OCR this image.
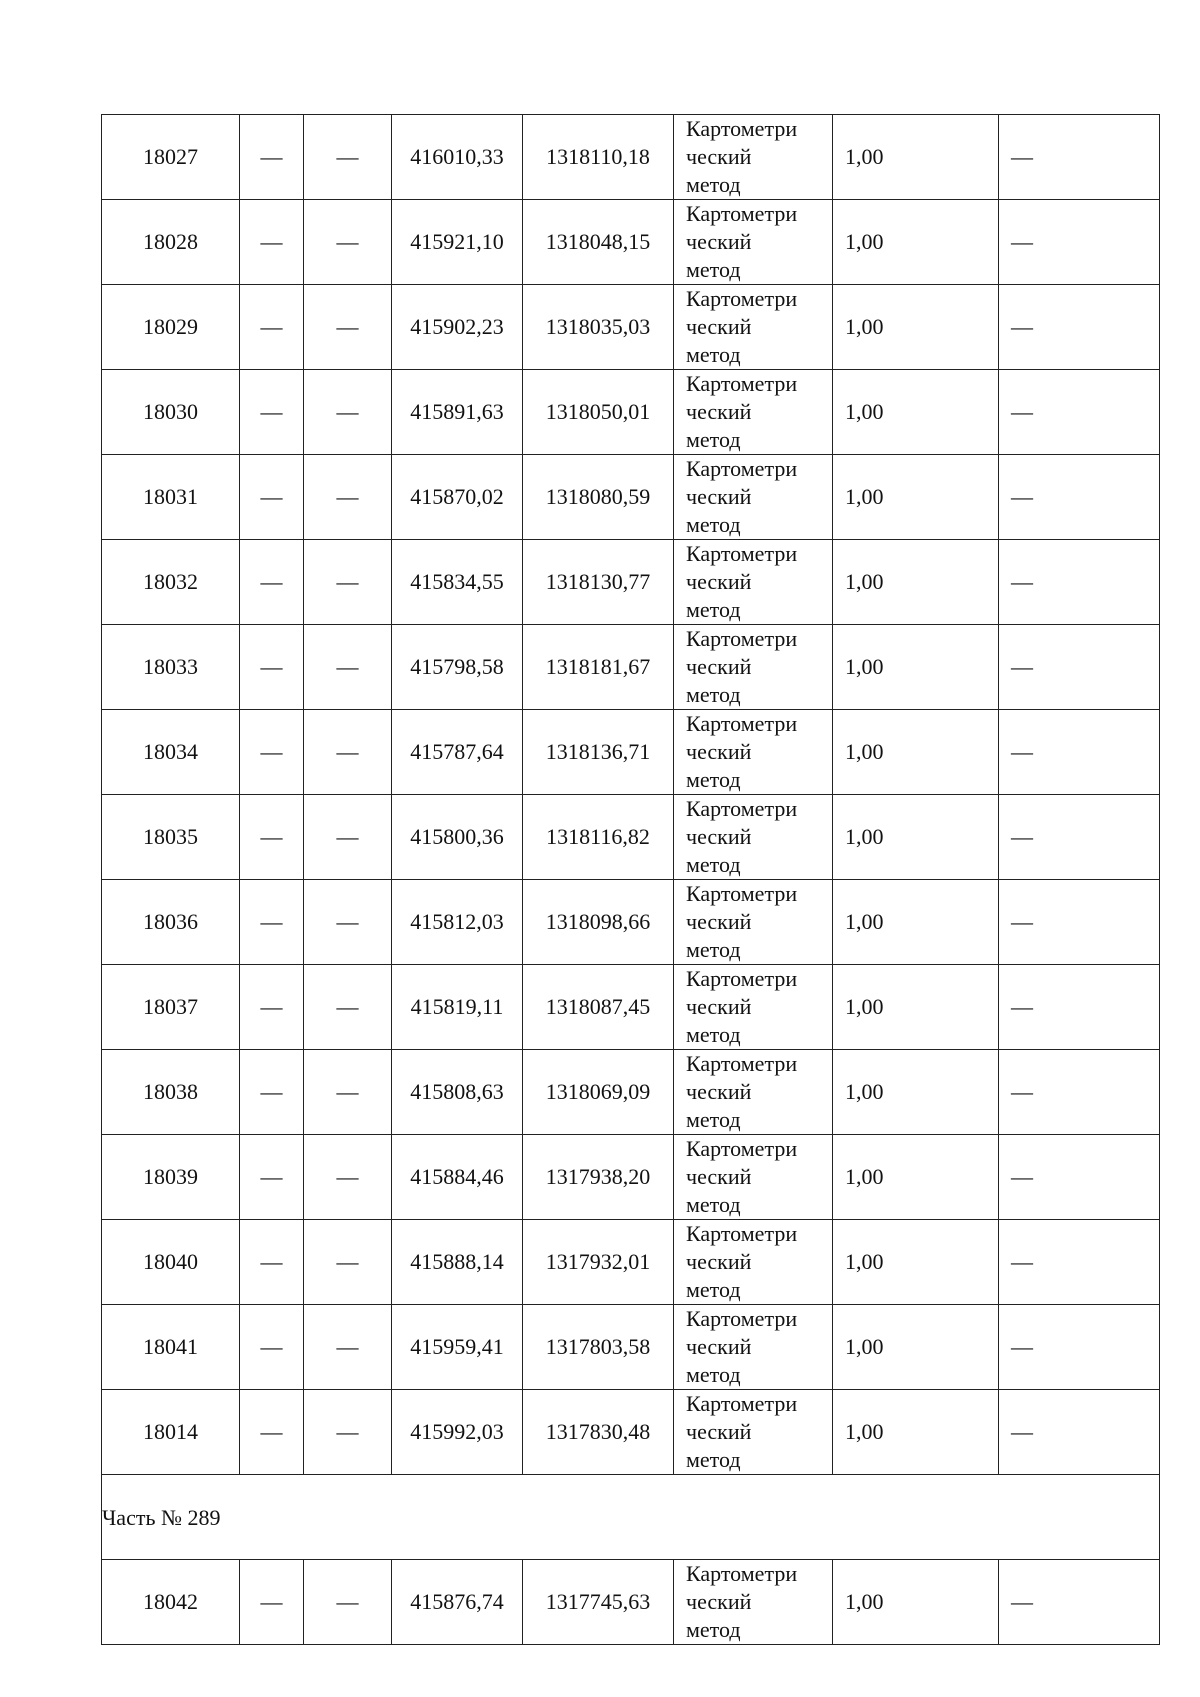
18027	—	—	416010,33	1318110,18	Картометри
ческий
метод	1,00	—
18028	—	—	415921,10	1318048,15	Картометри
ческий
метод	1,00	—
18029	—	—	415902,23	1318035,03	Картометри
ческий
метод	1,00	—
18030	—	—	415891,63	1318050,01	Картометри
ческий
метод	1,00	—
18031	—	—	415870,02	1318080,59	Картометри
ческий
метод	1,00	—
18032	—	—	415834,55	1318130,77	Картометри
ческий
метод	1,00	—
18033	—	—	415798,58	1318181,67	Картометри
ческий
метод	1,00	—
18034	—	—	415787,64	1318136,71	Картометри
ческий
метод	1,00	—
18035	—	—	415800,36	1318116,82	Картометри
ческий
метод	1,00	—
18036	—	—	415812,03	1318098,66	Картометри
ческий
метод	1,00	—
18037	—	—	415819,11	1318087,45	Картометри
ческий
метод	1,00	—
18038	—	—	415808,63	1318069,09	Картометри
ческий
метод	1,00	—
18039	—	—	415884,46	1317938,20	Картометри
ческий
метод	1,00	—
18040	—	—	415888,14	1317932,01	Картометри
ческий
метод	1,00	—
18041	—	—	415959,41	1317803,58	Картометри
ческий
метод	1,00	—
18014	—	—	415992,03	1317830,48	Картометри
ческий
метод	1,00	—
Часть № 289							
18042	—	—	415876,74	1317745,63	Картометри
ческий
метод	1,00	—
